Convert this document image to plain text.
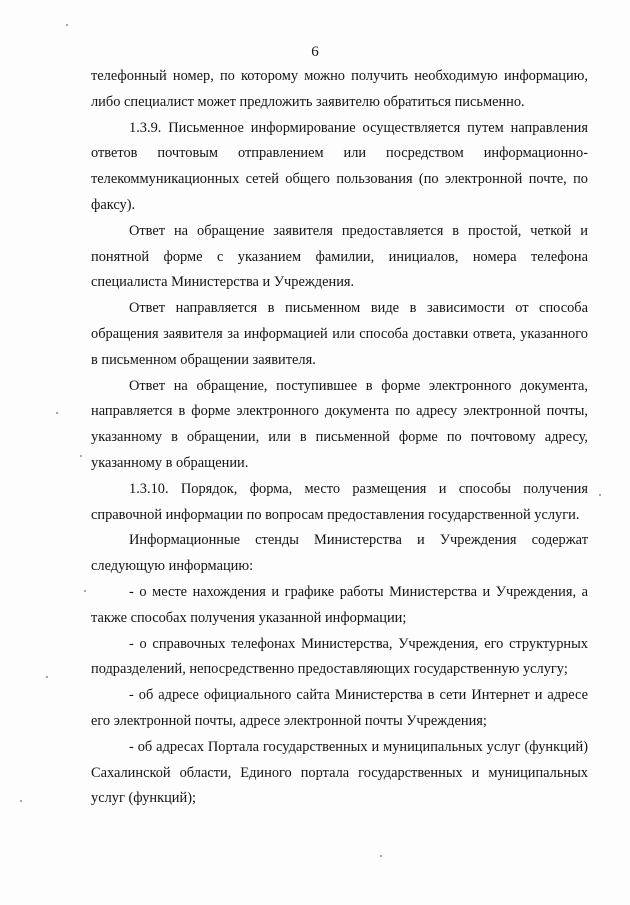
6

телефонный номер, по которому можно получить необходимую информацию, либо специалист может предложить заявителю обратиться письменно.

1.3.9. Письменное информирование осуществляется путем направления ответов почтовым отправлением или посредством информационно-телекоммуникационных сетей общего пользования (по электронной почте, по факсу).

Ответ на обращение заявителя предоставляется в простой, четкой и понятной форме с указанием фамилии, инициалов, номера телефона специалиста Министерства и Учреждения.

Ответ направляется в письменном виде в зависимости от способа обращения заявителя за информацией или способа доставки ответа, указанного в письменном обращении заявителя.

Ответ на обращение, поступившее в форме электронного документа, направляется в форме электронного документа по адресу электронной почты, указанному в обращении, или в письменной форме по почтовому адресу, указанному в обращении.

1.3.10. Порядок, форма, место размещения и способы получения справочной информации по вопросам предоставления государственной услуги.

Информационные стенды Министерства и Учреждения содержат следующую информацию:

- о месте нахождения и графике работы Министерства и Учреждения, а также способах получения указанной информации;

- о справочных телефонах Министерства, Учреждения, его структурных подразделений, непосредственно предоставляющих государственную услугу;

- об адресе официального сайта Министерства в сети Интернет и адресе его электронной почты, адресе электронной почты Учреждения;

- об адресах Портала государственных и муниципальных услуг (функций) Сахалинской области, Единого портала государственных и муниципальных услуг (функций);
